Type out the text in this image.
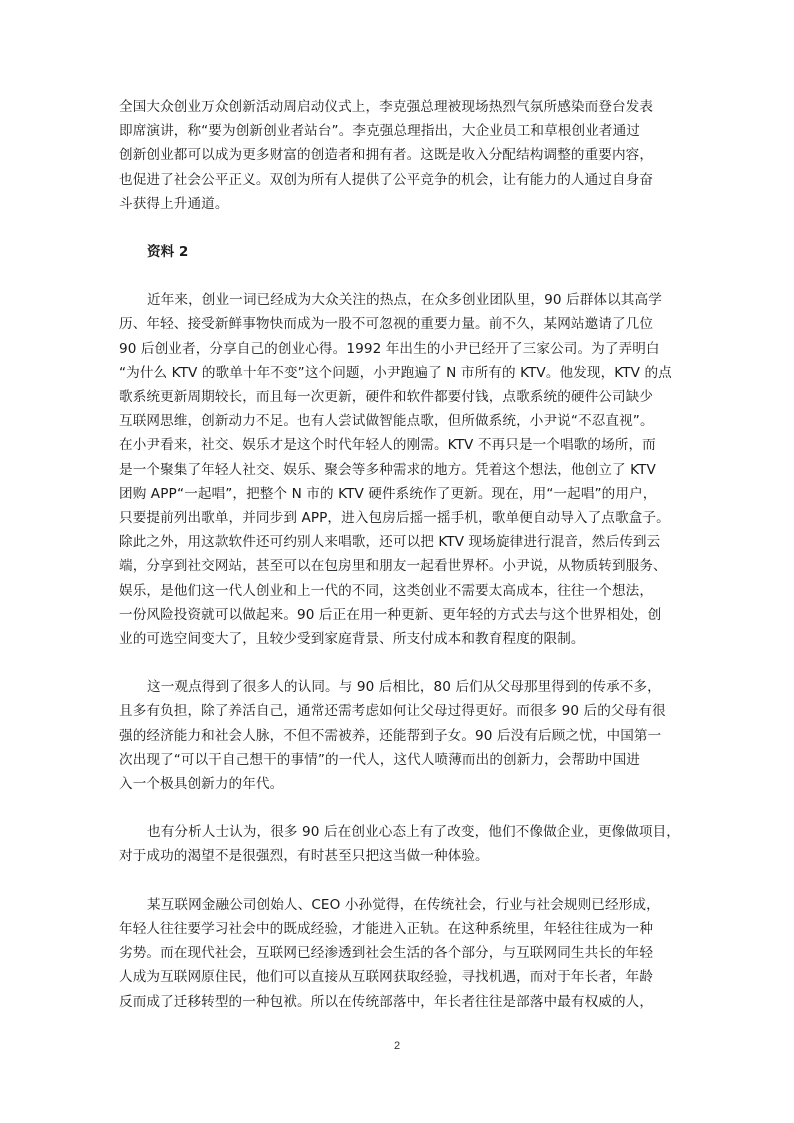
全国大众创业万众创新活动周启动仪式上，李克强总理被现场热烈气氛所感染而登台发表
即席演讲，称“要为创新创业者站台”。李克强总理指出，大企业员工和草根创业者通过
创新创业都可以成为更多财富的创造者和拥有者。这既是收入分配结构调整的重要内容，
也促进了社会公平正义。双创为所有人提供了公平竞争的机会，让有能力的人通过自身奋
斗获得上升通道。

资料 2

近年来，创业一词已经成为大众关注的热点，在众多创业团队里，90 后群体以其高学
历、年轻、接受新鲜事物快而成为一股不可忽视的重要力量。前不久，某网站邀请了几位
90 后创业者，分享自己的创业心得。1992 年出生的小尹已经开了三家公司。为了弄明白
“为什么 KTV 的歌单十年不变”这个问题，小尹跑遍了 N 市所有的 KTV。他发现，KTV 的点
歌系统更新周期较长，而且每一次更新，硬件和软件都要付钱，点歌系统的硬件公司缺少
互联网思维，创新动力不足。也有人尝试做智能点歌，但所做系统，小尹说“不忍直视”。
在小尹看来，社交、娱乐才是这个时代年轻人的刚需。KTV 不再只是一个唱歌的场所，而
是一个聚集了年轻人社交、娱乐、聚会等多种需求的地方。凭着这个想法，他创立了 KTV
团购 APP“一起唱”，把整个 N 市的 KTV 硬件系统作了更新。现在，用“一起唱”的用户，
只要提前列出歌单，并同步到 APP，进入包房后摇一摇手机，歌单便自动导入了点歌盒子。
除此之外，用这款软件还可约别人来唱歌，还可以把 KTV 现场旋律进行混音，然后传到云
端，分享到社交网站，甚至可以在包房里和朋友一起看世界杯。小尹说，从物质转到服务、
娱乐，是他们这一代人创业和上一代的不同，这类创业不需要太高成本，往往一个想法，
一份风险投资就可以做起来。90 后正在用一种更新、更年轻的方式去与这个世界相处，创
业的可选空间变大了，且较少受到家庭背景、所支付成本和教育程度的限制。

这一观点得到了很多人的认同。与 90 后相比，80 后们从父母那里得到的传承不多，
且多有负担，除了养活自己，通常还需考虑如何让父母过得更好。而很多 90 后的父母有很
强的经济能力和社会人脉，不但不需被养，还能帮到子女。90 后没有后顾之忧，中国第一
次出现了“可以干自己想干的事情”的一代人，这代人喷薄而出的创新力，会帮助中国进
入一个极具创新力的年代。

也有分析人士认为，很多 90 后在创业心态上有了改变，他们不像做企业，更像做项目，
对于成功的渴望不是很强烈，有时甚至只把这当做一种体验。

某互联网金融公司创始人、CEO 小孙觉得，在传统社会，行业与社会规则已经形成，
年轻人往往要学习社会中的既成经验，才能进入正轨。在这种系统里，年轻往往成为一种
劣势。而在现代社会，互联网已经渗透到社会生活的各个部分，与互联网同生共长的年轻
人成为互联网原住民，他们可以直接从互联网获取经验，寻找机遇，而对于年长者，年龄
反而成了迁移转型的一种包袱。所以在传统部落中，年长者往往是部落中最有权威的人，

2
